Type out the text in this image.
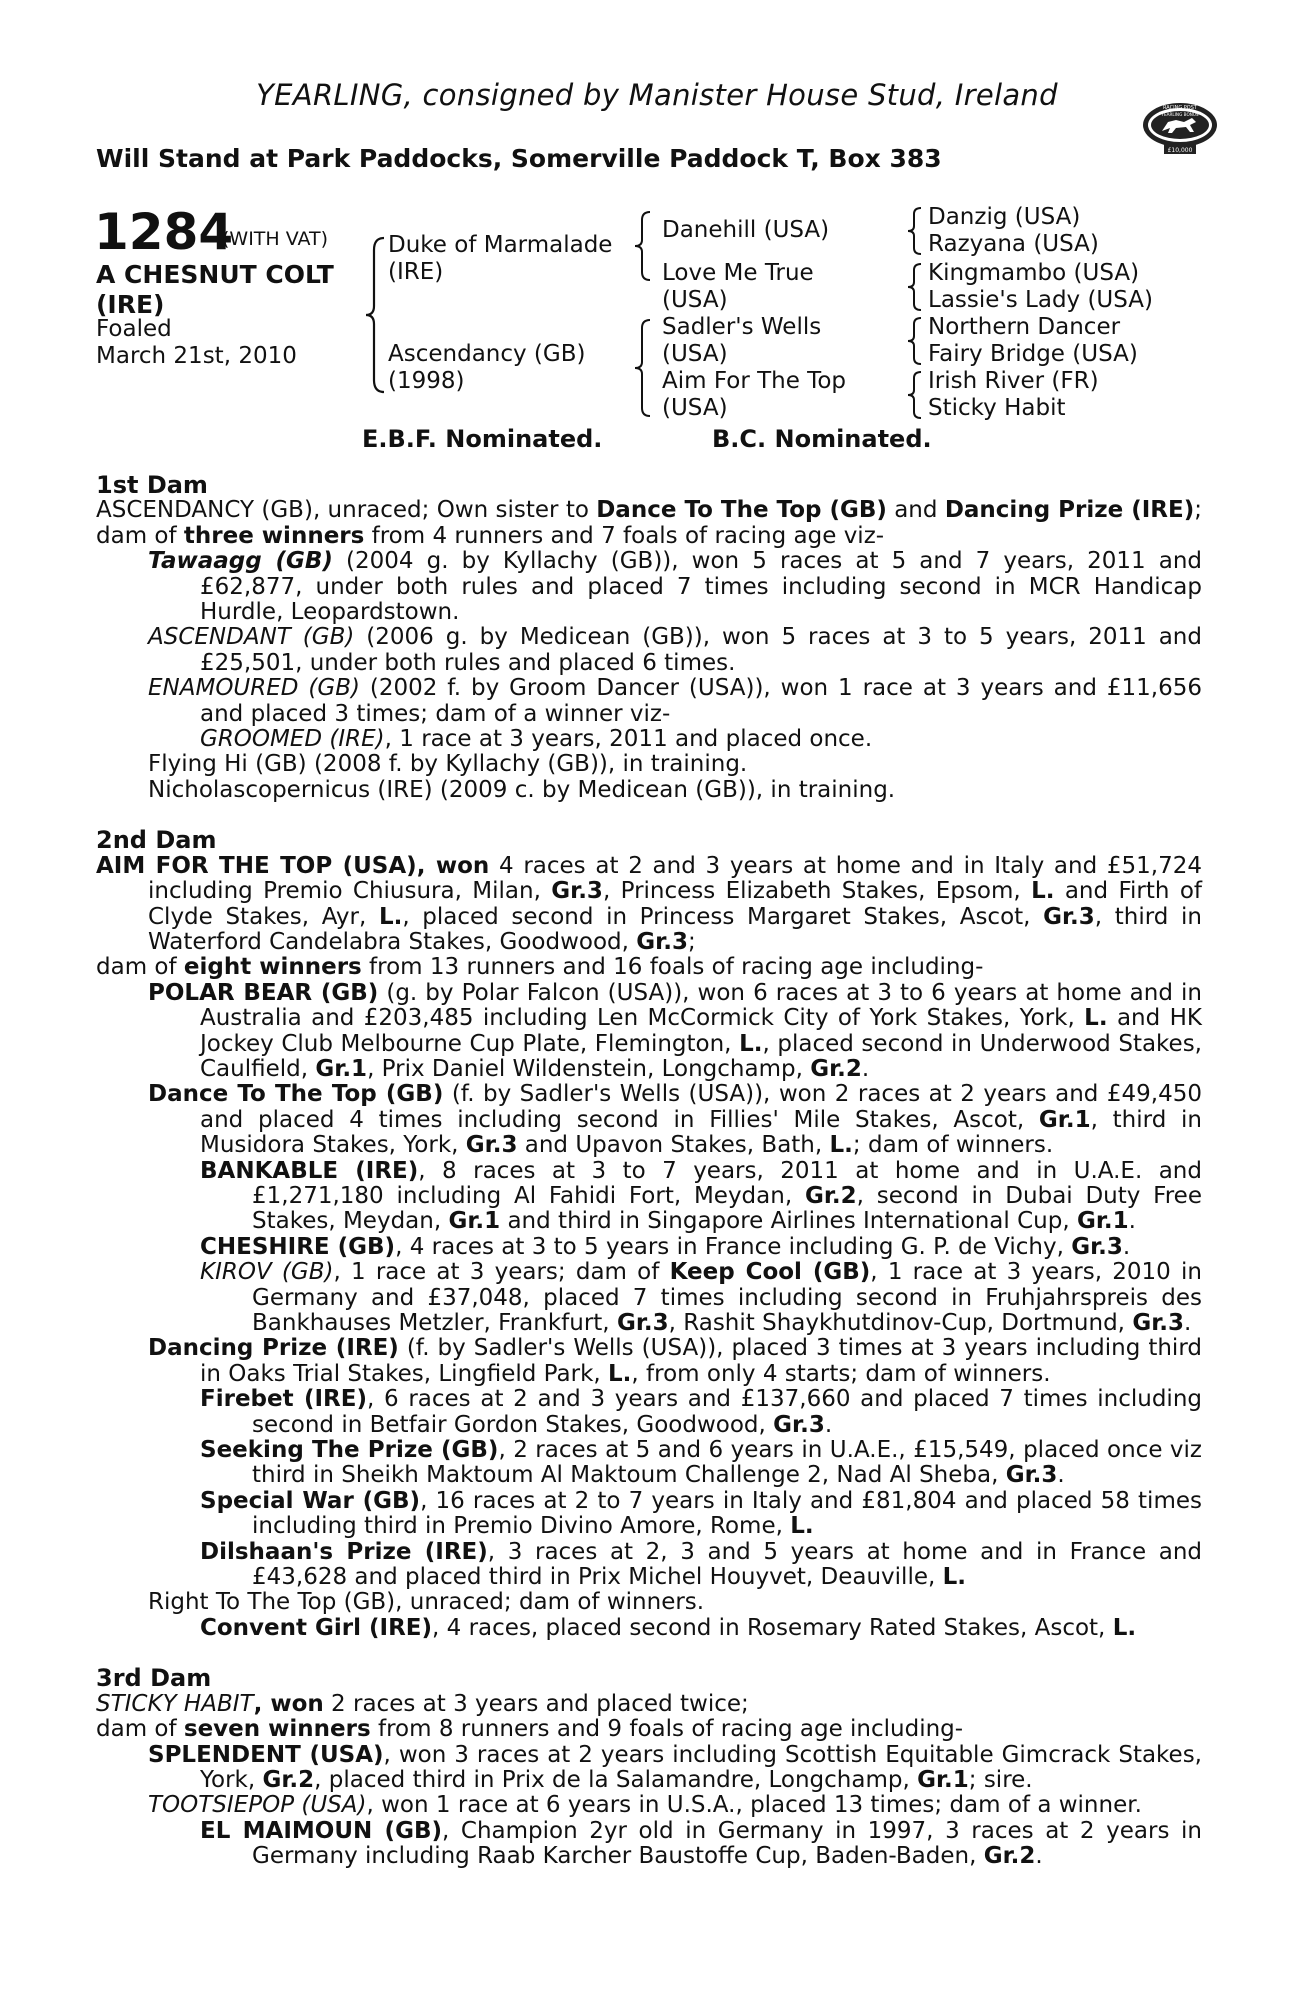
YEARLING, consigned by Manister House Stud, Ireland
Will Stand at Park Paddocks, Somerville Paddock T, Box 383
RACING POST
YEARLING BONUS
£10,000
1284
(WITH VAT)
A CHESNUT COLT
(IRE)
Foaled
March 21st, 2010
Duke of Marmalade
(IRE)
Ascendancy (GB)
(1998)
Danehill (USA)
Love Me True
(USA)
Sadler's Wells
(USA)
Aim For The Top
(USA)
Danzig (USA)
Razyana (USA)
Kingmambo (USA)
Lassie's Lady (USA)
Northern Dancer
Fairy Bridge (USA)
Irish River (FR)
Sticky Habit
E.B.F. Nominated.	B.C. Nominated.

1st Dam

ASCENDANCY (GB), unraced; Own sister to Dance To The Top (GB) and Dancing Prize (IRE);

dam of three winners from 4 runners and 7 foals of racing age viz-

Tawaagg (GB) (2004 g. by Kyllachy (GB)), won 5 races at 5 and 7 years, 2011 and £62,877, under both rules and placed 7 times including second in MCR Handicap Hurdle, Leopardstown.

ASCENDANT (GB) (2006 g. by Medicean (GB)), won 5 races at 3 to 5 years, 2011 and £25,501, under both rules and placed 6 times.

ENAMOURED (GB) (2002 f. by Groom Dancer (USA)), won 1 race at 3 years and £11,656 and placed 3 times; dam of a winner viz-

GROOMED (IRE), 1 race at 3 years, 2011 and placed once.

Flying Hi (GB) (2008 f. by Kyllachy (GB)), in training.

Nicholascopernicus (IRE) (2009 c. by Medicean (GB)), in training.

2nd Dam

AIM FOR THE TOP (USA), won 4 races at 2 and 3 years at home and in Italy and £51,724 including Premio Chiusura, Milan, Gr.3, Princess Elizabeth Stakes, Epsom, L. and Firth of Clyde Stakes, Ayr, L., placed second in Princess Margaret Stakes, Ascot, Gr.3, third in Waterford Candelabra Stakes, Goodwood, Gr.3;

dam of eight winners from 13 runners and 16 foals of racing age including-

POLAR BEAR (GB) (g. by Polar Falcon (USA)), won 6 races at 3 to 6 years at home and in Australia and £203,485 including Len McCormick City of York Stakes, York, L. and HK Jockey Club Melbourne Cup Plate, Flemington, L., placed second in Underwood Stakes, Caulfield, Gr.1, Prix Daniel Wildenstein, Longchamp, Gr.2.

Dance To The Top (GB) (f. by Sadler's Wells (USA)), won 2 races at 2 years and £49,450 and placed 4 times including second in Fillies' Mile Stakes, Ascot, Gr.1, third in Musidora Stakes, York, Gr.3 and Upavon Stakes, Bath, L.; dam of winners.

BANKABLE (IRE), 8 races at 3 to 7 years, 2011 at home and in U.A.E. and £1,271,180 including Al Fahidi Fort, Meydan, Gr.2, second in Dubai Duty Free Stakes, Meydan, Gr.1 and third in Singapore Airlines International Cup, Gr.1.

CHESHIRE (GB), 4 races at 3 to 5 years in France including G. P. de Vichy, Gr.3.

KIROV (GB), 1 race at 3 years; dam of Keep Cool (GB), 1 race at 3 years, 2010 in Germany and £37,048, placed 7 times including second in Fruhjahrspreis des Bankhauses Metzler, Frankfurt, Gr.3, Rashit Shaykhutdinov-Cup, Dortmund, Gr.3.

Dancing Prize (IRE) (f. by Sadler's Wells (USA)), placed 3 times at 3 years including third in Oaks Trial Stakes, Lingfield Park, L., from only 4 starts; dam of winners.

Firebet (IRE), 6 races at 2 and 3 years and £137,660 and placed 7 times including second in Betfair Gordon Stakes, Goodwood, Gr.3.

Seeking The Prize (GB), 2 races at 5 and 6 years in U.A.E., £15,549, placed once viz third in Sheikh Maktoum Al Maktoum Challenge 2, Nad Al Sheba, Gr.3.

Special War (GB), 16 races at 2 to 7 years in Italy and £81,804 and placed 58 times including third in Premio Divino Amore, Rome, L.

Dilshaan's Prize (IRE), 3 races at 2, 3 and 5 years at home and in France and £43,628 and placed third in Prix Michel Houyvet, Deauville, L.

Right To The Top (GB), unraced; dam of winners.

Convent Girl (IRE), 4 races, placed second in Rosemary Rated Stakes, Ascot, L.

3rd Dam

STICKY HABIT, won 2 races at 3 years and placed twice;

dam of seven winners from 8 runners and 9 foals of racing age including-

SPLENDENT (USA), won 3 races at 2 years including Scottish Equitable Gimcrack Stakes, York, Gr.2, placed third in Prix de la Salamandre, Longchamp, Gr.1; sire.

TOOTSIEPOP (USA), won 1 race at 6 years in U.S.A., placed 13 times; dam of a winner.

EL MAIMOUN (GB), Champion 2yr old in Germany in 1997, 3 races at 2 years in Germany including Raab Karcher Baustoffe Cup, Baden-Baden, Gr.2.
